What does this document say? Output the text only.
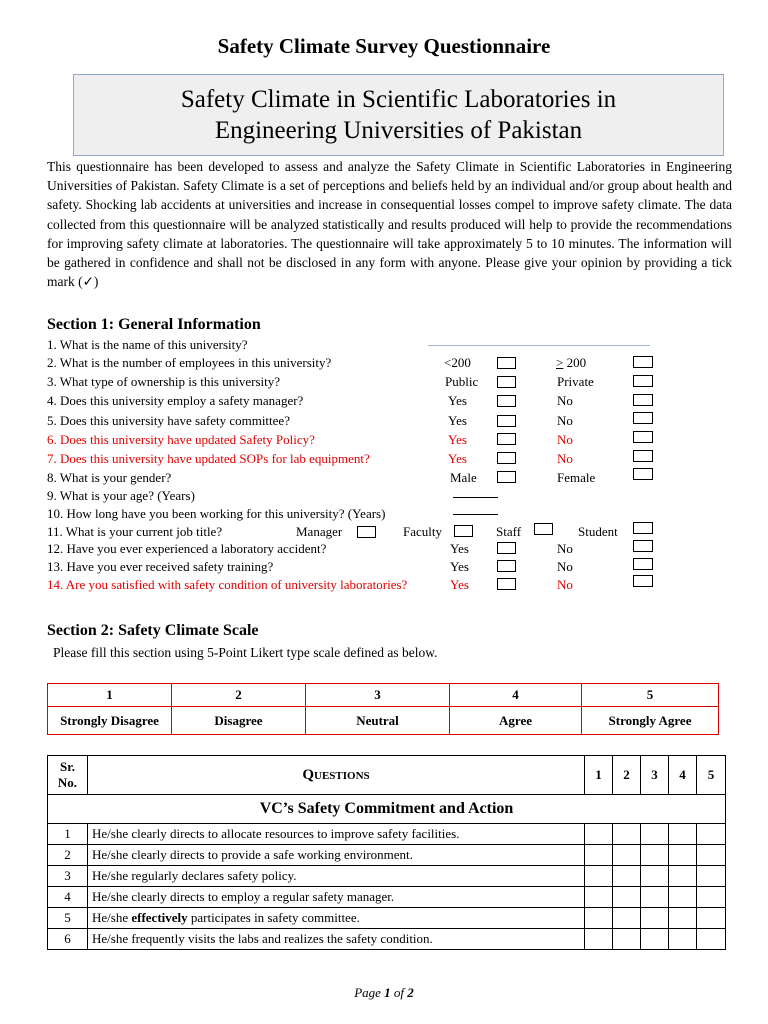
Safety Climate Survey Questionnaire
Safety Climate in Scientific Laboratories in
Engineering Universities of Pakistan
This questionnaire has been developed to assess and analyze the Safety Climate in Scientific Laboratories in Engineering Universities of Pakistan. Safety Climate is a set of perceptions and beliefs held by an individual and/or group about health and safety. Shocking lab accidents at universities and increase in consequential losses compel to improve safety climate. The data collected from this questionnaire will be analyzed statistically and results produced will help to provide the recommendations for improving safety climate at laboratories. The questionnaire will take approximately 5 to 10 minutes. The information will be gathered in confidence and shall not be disclosed in any form with anyone. Please give your opinion by providing a tick mark (✓)
Section 1: General Information
1. What is the name of this university?
2. What is the number of employees in this university?	<200	> 200
3. What type of ownership is this university?	Public	Private
4. Does this university employ a safety manager?	Yes	No
5. Does this university have safety committee?	Yes	No
6. Does this university have updated Safety Policy?	Yes	No
7. Does this university have updated SOPs for lab equipment?	Yes	No
8. What is your gender?	Male	Female
9. What is your age? (Years)
10. How long have you been working for this university? (Years)
11. What is your current job title?	Manager	Faculty	Staff	Student
12. Have you ever experienced a laboratory accident?	Yes	No
13. Have you ever received safety training?	Yes	No
14. Are you satisfied with safety condition of university laboratories?	Yes	No
Section 2: Safety Climate Scale
Please fill this section using 5-Point Likert type scale defined as below.
1	2	3	4	5
Strongly Disagree	Disagree	Neutral	Agree	Strongly Agree
Sr.
No.	Questions	1	2	3	4	5
VC’s Safety Commitment and Action						
1	He/she clearly directs to allocate resources to improve safety facilities.					
2	He/she clearly directs to provide a safe working environment.					
3	He/she regularly declares safety policy.					
4	He/she clearly directs to employ a regular safety manager.					
5	He/she effectively participates in safety committee.					
6	He/she frequently visits the labs and realizes the safety condition.					
Page 1 of 2
